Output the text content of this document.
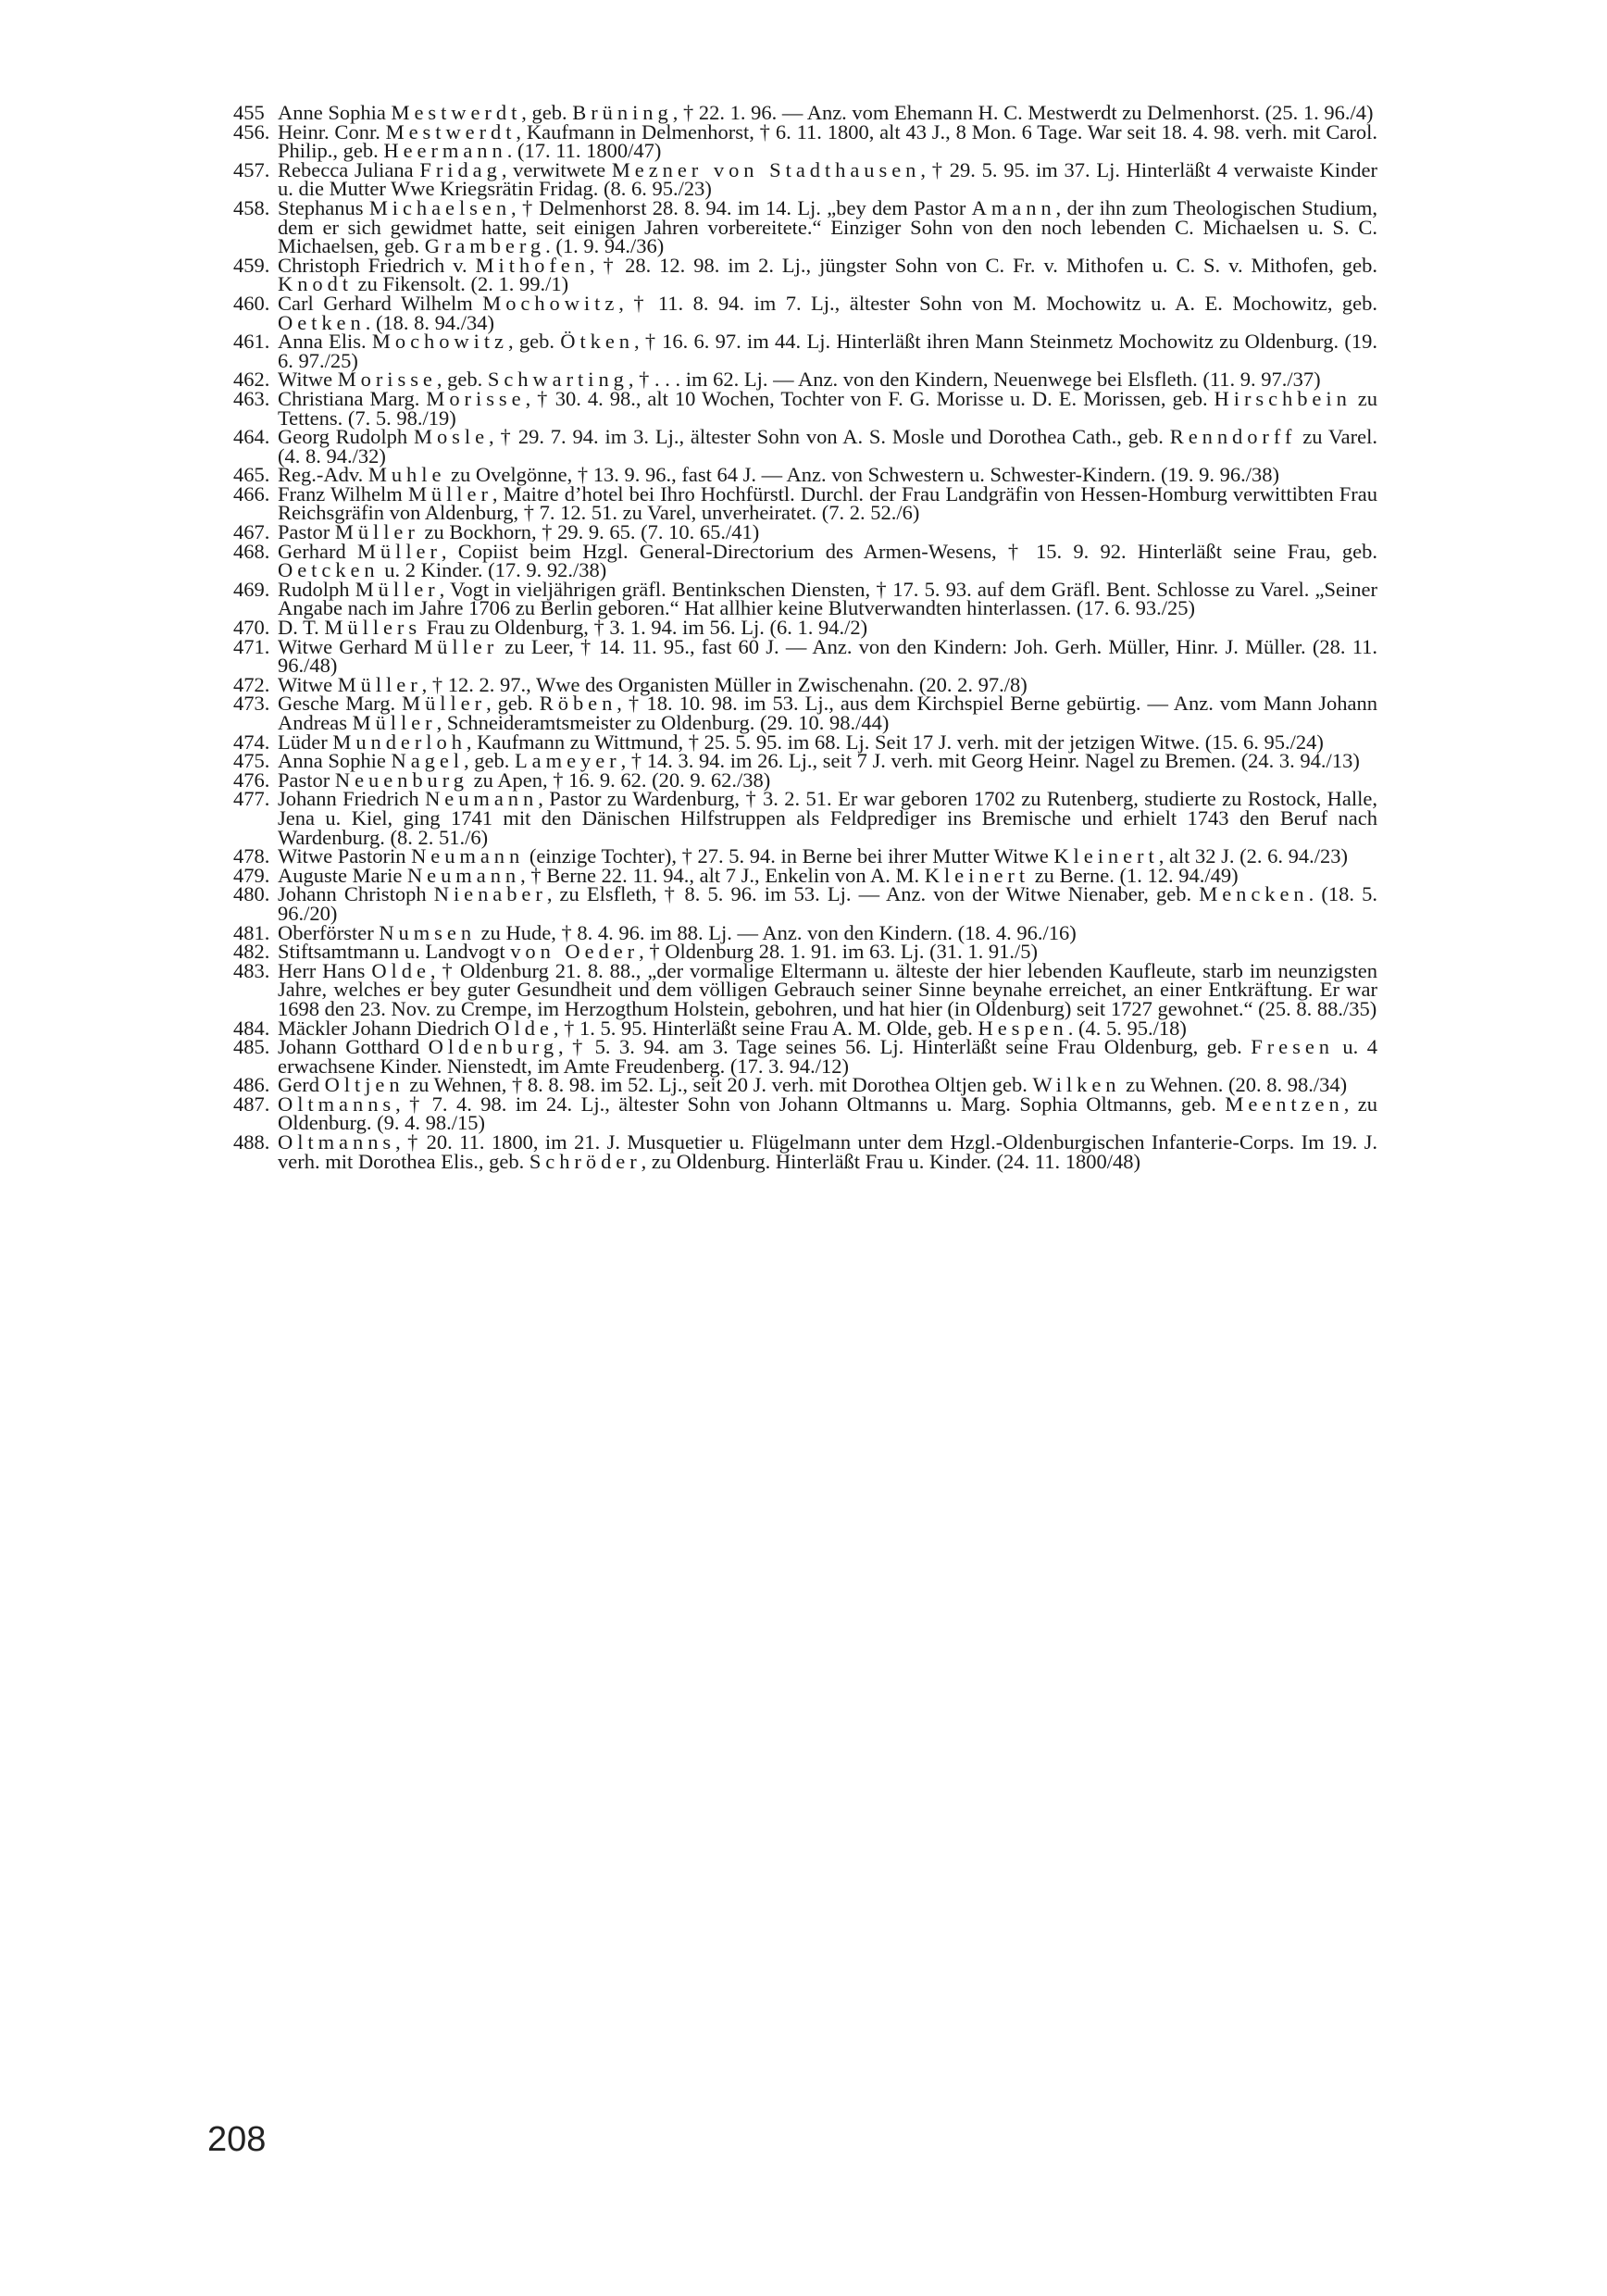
455 Anne Sophia Mestwerdt, geb. Brüning, † 22. 1. 96. — Anz. vom Ehemann H. C. Mestwerdt zu Delmenhorst. (25. 1. 96./4)
456. Heinr. Conr. Mestwerdt, Kaufmann in Delmenhorst, † 6. 11. 1800, alt 43 J., 8 Mon. 6 Tage. War seit 18. 4. 98. verh. mit Carol. Philip., geb. Heermann. (17. 11. 1800/47)
457. Rebecca Juliana Fridag, verwitwete Mezner von Stadthausen, † 29. 5. 95. im 37. Lj. Hinterläßt 4 verwaiste Kinder u. die Mutter Wwe Kriegsrätin Fridag. (8. 6. 95./23)
458. Stephanus Michaelsen, † Delmenhorst 28. 8. 94. im 14. Lj. „bey dem Pastor Amann, der ihn zum Theologischen Studium, dem er sich gewidmet hatte, seit einigen Jahren vorbereitete.“ Einziger Sohn von den noch lebenden C. Michaelsen u. S. C. Michaelsen, geb. Gramberg. (1. 9. 94./36)
459. Christoph Friedrich v. Mithofen, † 28. 12. 98. im 2. Lj., jüngster Sohn von C. Fr. v. Mithofen u. C. S. v. Mithofen, geb. Knodt zu Fikensolt. (2. 1. 99./1)
460. Carl Gerhard Wilhelm Mochowitz, † 11. 8. 94. im 7. Lj., ältester Sohn von M. Mochowitz u. A. E. Mochowitz, geb. Oetken. (18. 8. 94./34)
461. Anna Elis. Mochowitz, geb. Ötken, † 16. 6. 97. im 44. Lj. Hinterläßt ihren Mann Steinmetz Mochowitz zu Oldenburg. (19. 6. 97./25)
462. Witwe Morisse, geb. Schwarting, † . . . im 62. Lj. — Anz. von den Kindern, Neuenwege bei Elsfleth. (11. 9. 97./37)
463. Christiana Marg. Morisse, † 30. 4. 98., alt 10 Wochen, Tochter von F. G. Morisse u. D. E. Morissen, geb. Hirschbein zu Tettens. (7. 5. 98./19)
464. Georg Rudolph Mosle, † 29. 7. 94. im 3. Lj., ältester Sohn von A. S. Mosle und Dorothea Cath., geb. Renndorff zu Varel. (4. 8. 94./32)
465. Reg.-Adv. Muhle zu Ovelgönne, † 13. 9. 96., fast 64 J. — Anz. von Schwestern u. Schwester-Kindern. (19. 9. 96./38)
466. Franz Wilhelm Müller, Maitre d’hotel bei Ihro Hochfürstl. Durchl. der Frau Landgräfin von Hessen-Homburg verwittibten Frau Reichsgräfin von Aldenburg, † 7. 12. 51. zu Varel, unverheiratet. (7. 2. 52./6)
467. Pastor Müller zu Bockhorn, † 29. 9. 65. (7. 10. 65./41)
468. Gerhard Müller, Copiist beim Hzgl. General-Directorium des Armen-Wesens, † 15. 9. 92. Hinterläßt seine Frau, geb. Oetcken u. 2 Kinder. (17. 9. 92./38)
469. Rudolph Müller, Vogt in vieljährigen gräfl. Bentinkschen Diensten, † 17. 5. 93. auf dem Gräfl. Bent. Schlosse zu Varel. „Seiner Angabe nach im Jahre 1706 zu Berlin geboren.“ Hat allhier keine Blutverwandten hinterlassen. (17. 6. 93./25)
470. D. T. Müllers Frau zu Oldenburg, † 3. 1. 94. im 56. Lj. (6. 1. 94./2)
471. Witwe Gerhard Müller zu Leer, † 14. 11. 95., fast 60 J. — Anz. von den Kindern: Joh. Gerh. Müller, Hinr. J. Müller. (28. 11. 96./48)
472. Witwe Müller, † 12. 2. 97., Wwe des Organisten Müller in Zwischenahn. (20. 2. 97./8)
473. Gesche Marg. Müller, geb. Röben, † 18. 10. 98. im 53. Lj., aus dem Kirchspiel Berne gebürtig. — Anz. vom Mann Johann Andreas Müller, Schneideramtsmeister zu Oldenburg. (29. 10. 98./44)
474. Lüder Munderloh, Kaufmann zu Wittmund, † 25. 5. 95. im 68. Lj. Seit 17 J. verh. mit der jetzigen Witwe. (15. 6. 95./24)
475. Anna Sophie Nagel, geb. Lameyer, † 14. 3. 94. im 26. Lj., seit 7 J. verh. mit Georg Heinr. Nagel zu Bremen. (24. 3. 94./13)
476. Pastor Neuenburg zu Apen, † 16. 9. 62. (20. 9. 62./38)
477. Johann Friedrich Neumann, Pastor zu Wardenburg, † 3. 2. 51. Er war geboren 1702 zu Rutenberg, studierte zu Rostock, Halle, Jena u. Kiel, ging 1741 mit den Dänischen Hilfstruppen als Feldprediger ins Bremische und erhielt 1743 den Beruf nach Wardenburg. (8. 2. 51./6)
478. Witwe Pastorin Neumann (einzige Tochter), † 27. 5. 94. in Berne bei ihrer Mutter Witwe Kleinert, alt 32 J. (2. 6. 94./23)
479. Auguste Marie Neumann, † Berne 22. 11. 94., alt 7 J., Enkelin von A. M. Kleinert zu Berne. (1. 12. 94./49)
480. Johann Christoph Nienaber, zu Elsfleth, † 8. 5. 96. im 53. Lj. — Anz. von der Witwe Nienaber, geb. Mencken. (18. 5. 96./20)
481. Oberförster Numsen zu Hude, † 8. 4. 96. im 88. Lj. — Anz. von den Kindern. (18. 4. 96./16)
482. Stiftsamtmann u. Landvogt von Oeder, † Oldenburg 28. 1. 91. im 63. Lj. (31. 1. 91./5)
483. Herr Hans Olde, † Oldenburg 21. 8. 88., „der vormalige Eltermann u. älteste der hier lebenden Kaufleute, starb im neunzigsten Jahre, welches er bey guter Gesundheit und dem völligen Gebrauch seiner Sinne beynahe erreichet, an einer Entkräftung. Er war 1698 den 23. Nov. zu Crempe, im Herzogthum Holstein, gebohren, und hat hier (in Oldenburg) seit 1727 gewohnet.“ (25. 8. 88./35)
484. Mäckler Johann Diedrich Olde, † 1. 5. 95. Hinterläßt seine Frau A. M. Olde, geb. Hespen. (4. 5. 95./18)
485. Johann Gotthard Oldenburg, † 5. 3. 94. am 3. Tage seines 56. Lj. Hinterläßt seine Frau Oldenburg, geb. Fresen u. 4 erwachsene Kinder. Nienstedt, im Amte Freudenberg. (17. 3. 94./12)
486. Gerd Oltjen zu Wehnen, † 8. 8. 98. im 52. Lj., seit 20 J. verh. mit Dorothea Oltjen geb. Wilken zu Wehnen. (20. 8. 98./34)
487. Oltmanns, † 7. 4. 98. im 24. Lj., ältester Sohn von Johann Oltmanns u. Marg. Sophia Oltmanns, geb. Meentzen, zu Oldenburg. (9. 4. 98./15)
488. Oltmanns, † 20. 11. 1800, im 21. J. Musquetier u. Flügelmann unter dem Hzgl.-Oldenburgischen Infanterie-Corps. Im 19. J. verh. mit Dorothea Elis., geb. Schröder, zu Oldenburg. Hinterläßt Frau u. Kinder. (24. 11. 1800/48)
208
